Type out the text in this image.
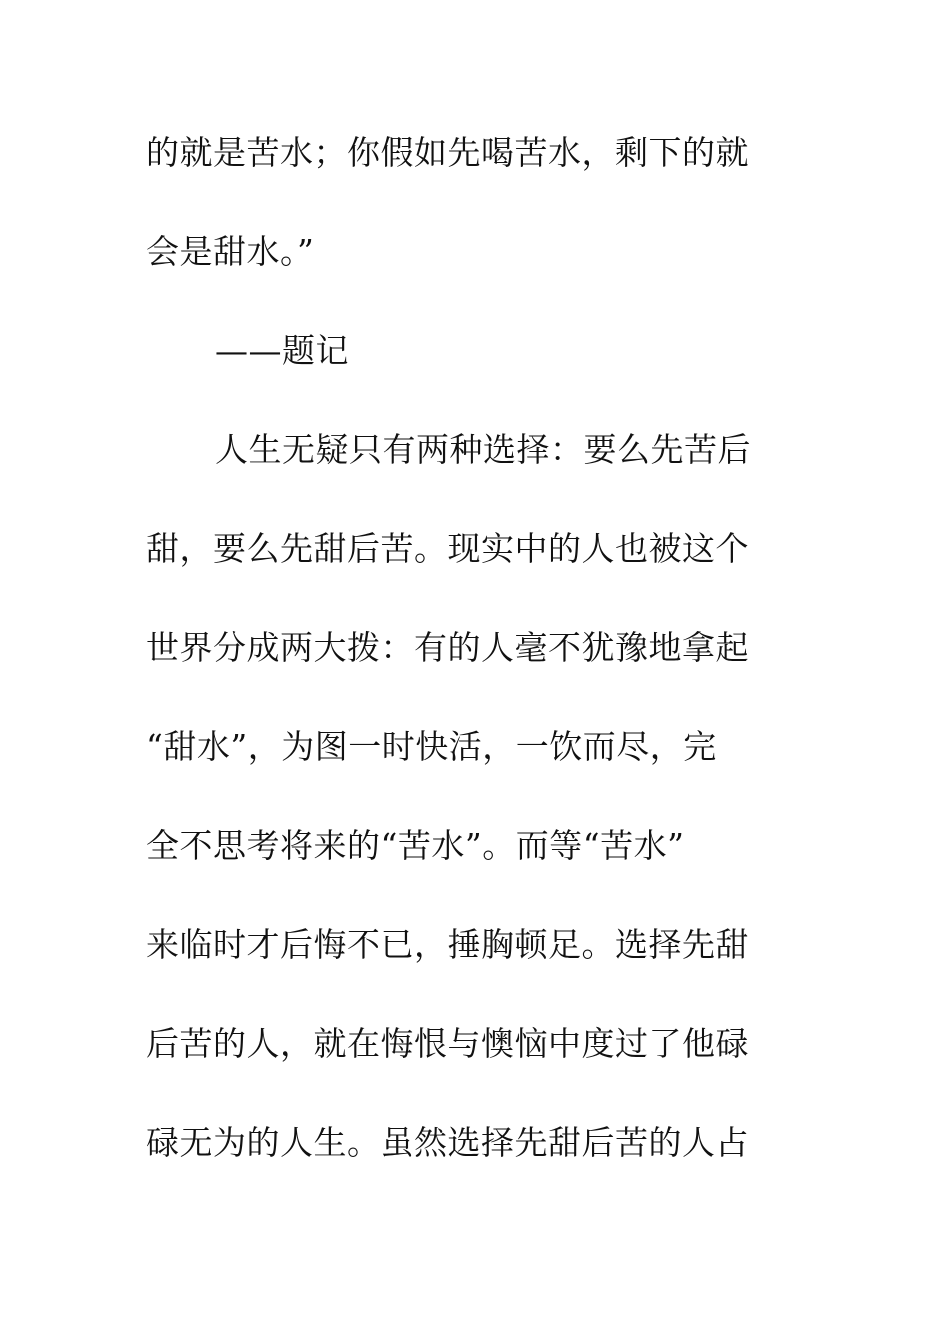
的就是苦水；你假如先喝苦水，剩下的就
会是甜水。”
——题记
人生无疑只有两种选择：要么先苦后
甜，要么先甜后苦。现实中的人也被这个
世界分成两大拨：有的人毫不犹豫地拿起
“甜水”，为图一时快活，一饮而尽，完
全不思考将来的“苦水”。而等“苦水”
来临时才后悔不已，捶胸顿足。选择先甜
后苦的人，就在悔恨与懊恼中度过了他碌
碌无为的人生。虽然选择先甜后苦的人占
